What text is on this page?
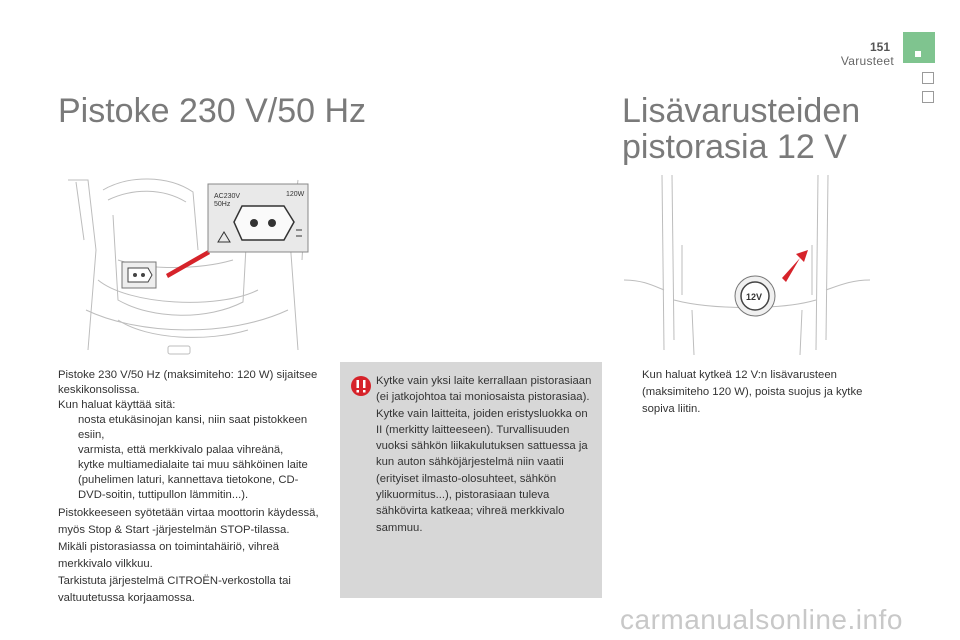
151
Varusteet
Pistoke 230 V/50 Hz
AC230V
50Hz
120W

Pistoke 230 V/50 Hz (maksimiteho: 120 W) sijaitsee keskikonsolissa.

Kun haluat käyttää sitä:

nosta etukäsinojan kansi, niin saat pistokkeen esiin,
varmista, että merkkivalo palaa vihreänä,
kytke multiamedialaite tai muu sähköinen laite (puhelimen laturi, kannettava tietokone, CD-DVD-soitin, tuttipullon lämmitin...).

Pistokkeeseen syötetään virtaa moottorin käydessä, myös Stop & Start -järjestelmän STOP-tilassa.

Mikäli pistorasiassa on toimintahäiriö, vihreä merkkivalo vilkkuu.

Tarkistuta järjestelmä CITROËN-verkostolla tai valtuutetussa korjaamossa.

Kytke vain yksi laite kerrallaan pistorasiaan (ei jatkojohtoa tai moniosaista pistorasiaa). Kytke vain laitteita, joiden eristysluokka on II (merkitty laitteeseen). Turvallisuuden vuoksi sähkön liikakulutuksen sattuessa ja kun auton sähköjärjestelmä niin vaatii (erityiset ilmasto-olosuhteet, sähkön ylikuormitus...), pistorasiaan tuleva sähkövirta katkeaa; vihreä merkkivalo sammuu.
Lisävarusteiden
pistorasia 12 V
12V
Kun haluat kytkeä 12 V:n lisävarusteen (maksimiteho 120 W), poista suojus ja kytke sopiva liitin.
carmanualsonline.info
